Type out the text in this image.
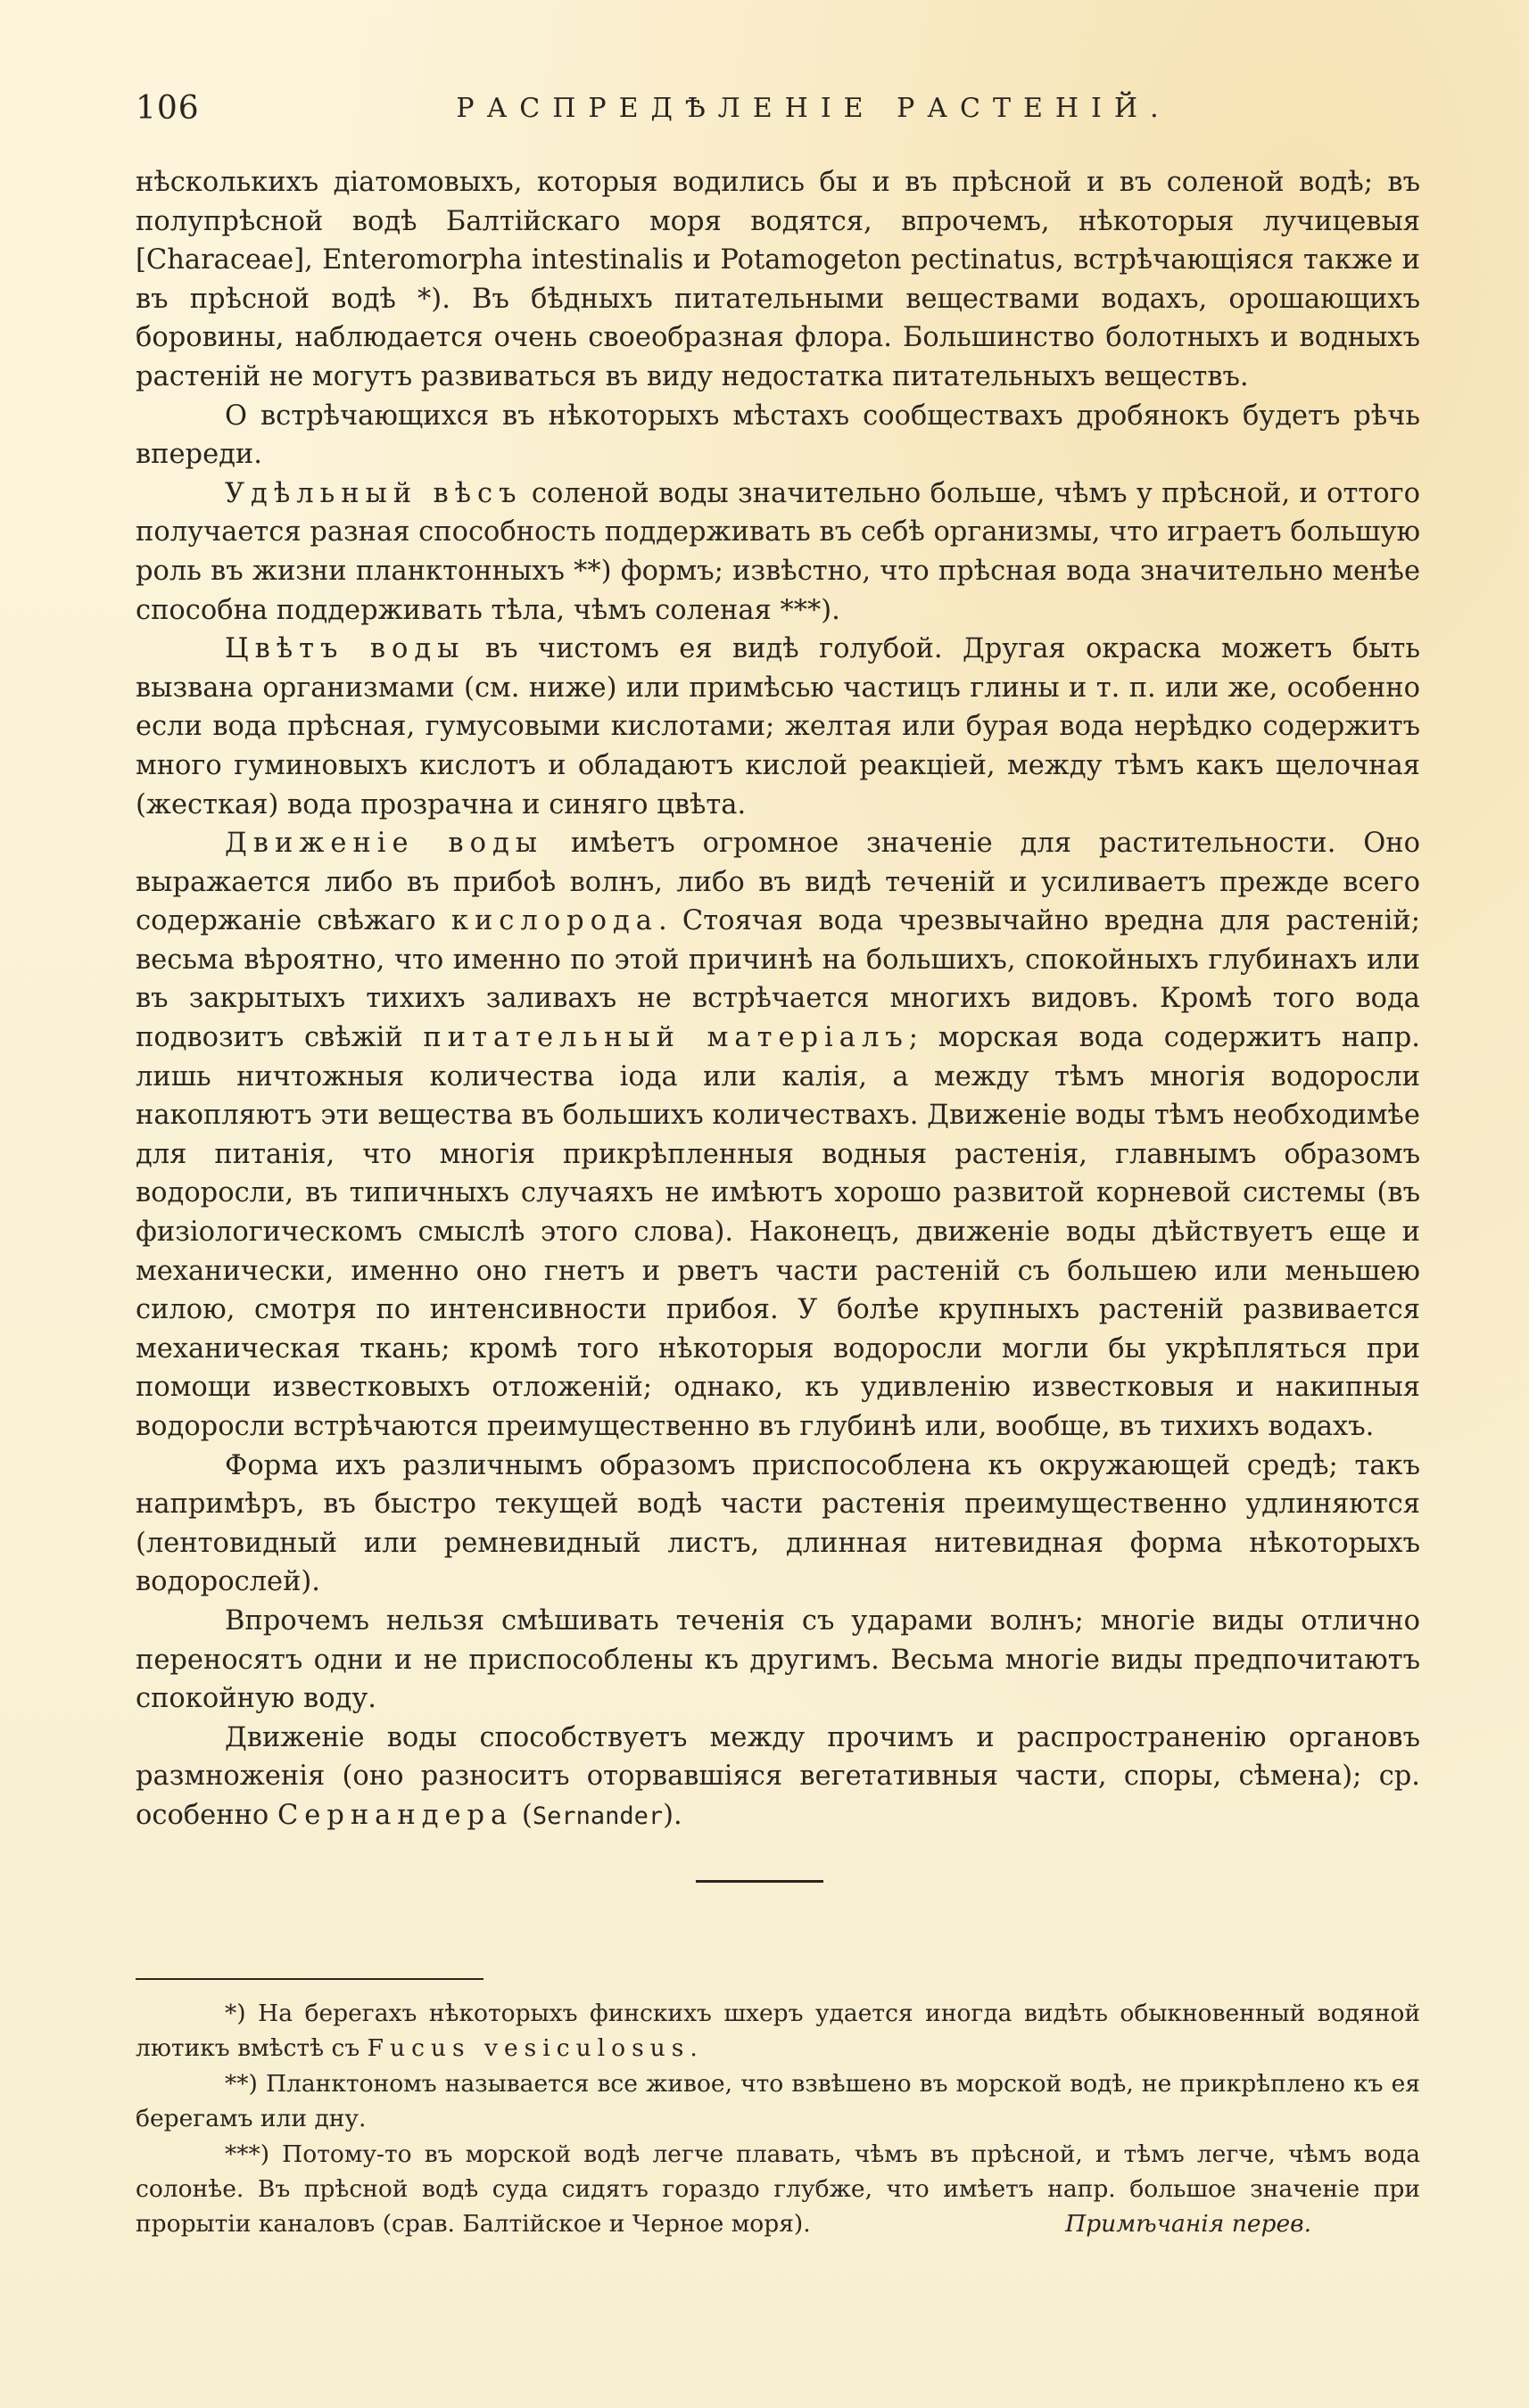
106	РАСПРЕДѢЛЕНІЕ РАСТЕНІЙ.

нѣсколькихъ діатомовыхъ, которыя водились бы и въ прѣсной и въ соленой водѣ; въ полупрѣсной водѣ Балтійскаго моря водятся, впрочемъ, нѣкоторыя лучицевыя [Characeae], Enteromorpha intestinalis и Potamogeton pectinatus, встрѣчающіяся также и въ прѣсной водѣ *). Въ бѣдныхъ питательными веществами водахъ, орошающихъ боровины, наблюдается очень своеобразная флора. Большинство болотныхъ и водныхъ растеній не могутъ развиваться въ виду недостатка питательныхъ веществъ.

О встрѣчающихся въ нѣкоторыхъ мѣстахъ сообществахъ дробянокъ будетъ рѣчь впереди.

Удѣльный вѣсъ соленой воды значительно больше, чѣмъ у прѣсной, и оттого получается разная способность поддерживать въ себѣ организмы, что играетъ большую роль въ жизни планктонныхъ **) формъ; извѣстно, что прѣсная вода значительно менѣе способна поддерживать тѣла, чѣмъ соленая ***).

Цвѣтъ воды въ чистомъ ея видѣ голубой. Другая окраска можетъ быть вызвана организмами (см. ниже) или примѣсью частицъ глины и т. п. или же, особенно если вода прѣсная, гумусовыми кислотами; желтая или бурая вода нерѣдко содержитъ много гуминовыхъ кислотъ и обладаютъ кислой реакціей, между тѣмъ какъ щелочная (жесткая) вода прозрачна и синяго цвѣта.

Движеніе воды имѣетъ огромное значеніе для растительности. Оно выражается либо въ прибоѣ волнъ, либо въ видѣ теченій и усиливаетъ прежде всего содержаніе свѣжаго кислорода. Стоячая вода чрезвычайно вредна для растеній; весьма вѣроятно, что именно по этой причинѣ на большихъ, спокойныхъ глубинахъ или въ закрытыхъ тихихъ заливахъ не встрѣчается многихъ видовъ. Кромѣ того вода подвозитъ свѣжій питательный матеріалъ; морская вода содержитъ напр. лишь ничтожныя количества іода или калія, а между тѣмъ многія водоросли накопляютъ эти вещества въ большихъ количествахъ. Движеніе воды тѣмъ необходимѣе для питанія, что многія прикрѣпленныя водныя растенія, главнымъ образомъ водоросли, въ типичныхъ случаяхъ не имѣютъ хорошо развитой корневой системы (въ физіологическомъ смыслѣ этого слова). Наконецъ, движеніе воды дѣйствуетъ еще и механически, именно оно гнетъ и рветъ части растеній съ большею или меньшею силою, смотря по интенсивности прибоя. У болѣе крупныхъ растеній развивается механическая ткань; кромѣ того нѣкоторыя водоросли могли бы укрѣпляться при помощи известковыхъ отложеній; однако, къ удивленію известковыя и накипныя водоросли встрѣчаются преимущественно въ глубинѣ или, вообще, въ тихихъ водахъ.

Форма ихъ различнымъ образомъ приспособлена къ окружающей средѣ; такъ напримѣръ, въ быстро текущей водѣ части растенія преимущественно удлиняются (лентовидный или ремневидный листъ, длинная нитевидная форма нѣкоторыхъ водорослей).

Впрочемъ нельзя смѣшивать теченія съ ударами волнъ; многіе виды отлично переносятъ одни и не приспособлены къ другимъ. Весьма многіе виды предпочитаютъ спокойную воду.

Движеніе воды способствуетъ между прочимъ и распространенію органовъ размноженія (оно разноситъ оторвавшіяся вегетативныя части, споры, сѣмена); ср. особенно Сернандера (Sernander).

*) На берегахъ нѣкоторыхъ финскихъ шхеръ удается иногда видѣть обыкновенный водяной лютикъ вмѣстѣ съ Fucus vesiculosus.

**) Планктономъ называется все живое, что взвѣшено въ морской водѣ, не прикрѣплено къ ея берегамъ или дну.

***) Потому-то въ морской водѣ легче плавать, чѣмъ въ прѣсной, и тѣмъ легче, чѣмъ вода солонѣе. Въ прѣсной водѣ суда сидятъ гораздо глубже, что имѣетъ напр. большое значеніе при прорытіи каналовъ (срав. Балтійское и Черное моря).	Примѣчанія перев.
